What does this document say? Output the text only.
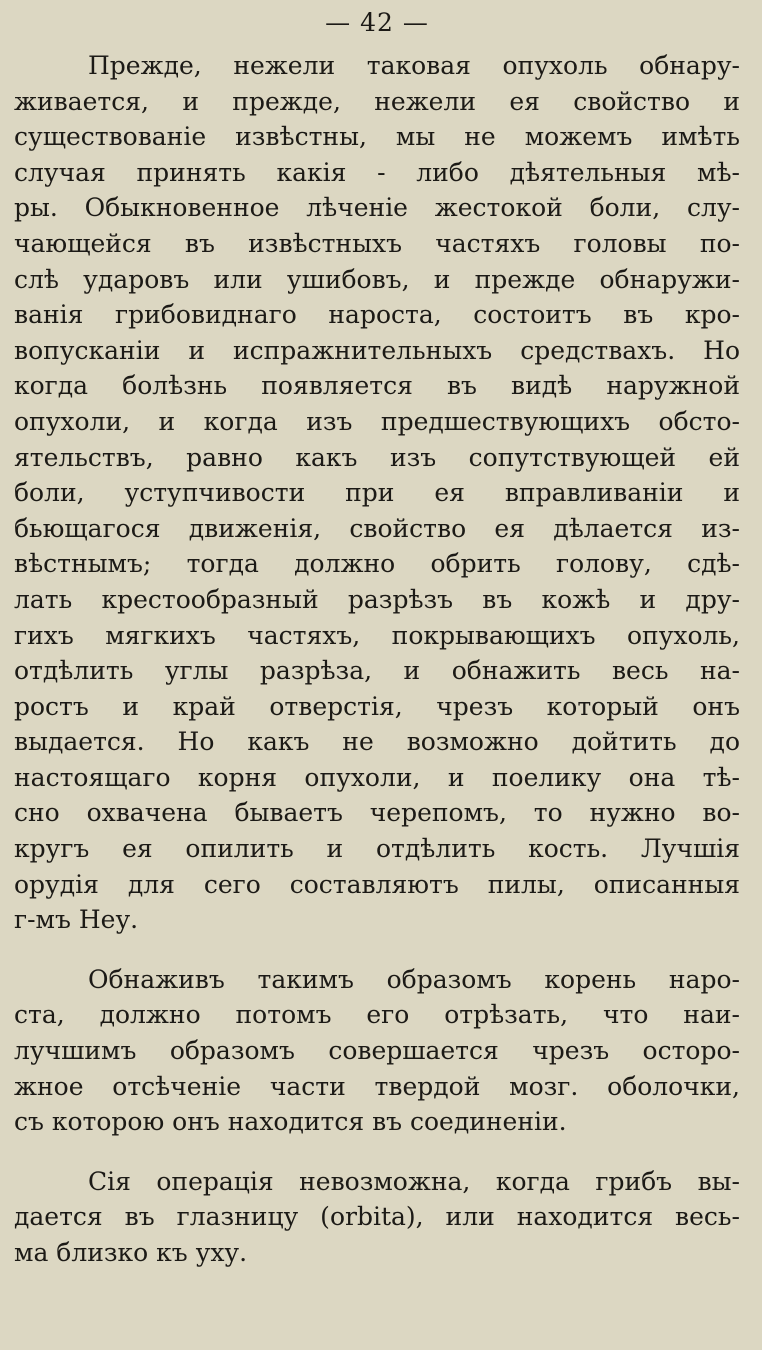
— 42 —
Прежде, нежели таковая опухоль обнару-
живается, и прежде, нежели ея свойство и
существованіе извѣстны, мы не можемъ имѣть
случая принять какія - либо дѣятельныя мѣ-
ры. Обыкновенное лѣченіе жестокой боли, слу-
чающейся въ извѣстныхъ частяхъ головы по-
слѣ ударовъ или ушибовъ, и прежде обнаружи-
ванія грибовиднаго нароста, состоитъ въ кро-
вопусканіи и испражнительныхъ средствахъ. Но
когда болѣзнь появляется въ видѣ наружной
опухоли, и когда изъ предшествующихъ обсто-
ятельствъ, равно какъ изъ сопутствующей ей
боли, уступчивости при ея вправливаніи и
бьющагося движенія, свойство ея дѣлается из-
вѣстнымъ; тогда должно обрить голову, сдѣ-
лать крестообразный разрѣзъ въ кожѣ и дру-
гихъ мягкихъ частяхъ, покрывающихъ опухоль,
отдѣлить углы разрѣза, и обнажить весь на-
ростъ и край отверстія, чрезъ который онъ
выдается. Но какъ не возможно дойтить до
настоящаго корня опухоли, и поелику она тѣ-
сно охвачена бываетъ черепомъ, то нужно во-
кругъ ея опилить и отдѣлить кость. Лучшія
орудія для сего составляютъ пилы, описанныя
г-мъ Неу.
Обнаживъ такимъ образомъ корень наро-
ста, должно потомъ его отрѣзать, что наи-
лучшимъ образомъ совершается чрезъ осторо-
жное отсѣченіе части твердой мозг. оболочки,
съ которою онъ находится въ соединеніи.
Сія операція невозможна, когда грибъ вы-
дается въ глазницу (orbita), или находится весь-
ма близко къ уху.
